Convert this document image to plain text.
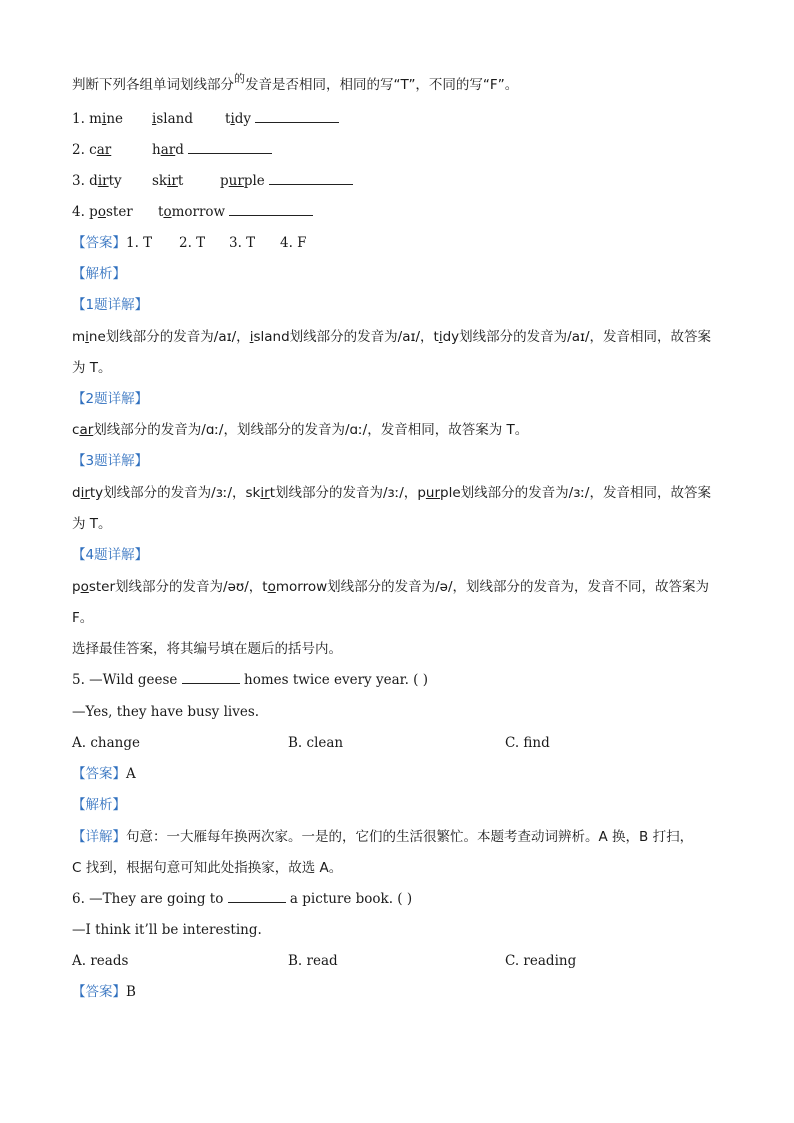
判断下列各组单词划线部分$^的$发音是否相同，相同的写“T”，不同的写“F”。
1. mine island tidy
2. car	hard
3. dirty skirt	purple
4. poster tomorrow
【答案】1. T 2. T 3. T 4. F
【解析】
【1题详解】
mine划线部分的发音为/aɪ/，island划线部分的发音为/aɪ/，tidy划线部分的发音为/aɪ/，发音相同，故答案
为 T。
【2题详解】
car划线部分的发音为/ɑː/，划线部分的发音为/ɑː/，发音相同，故答案为 T。
【3题详解】
dirty划线部分的发音为/ɜː/，skirt划线部分的发音为/ɜː/，purple划线部分的发音为/ɜː/，发音相同，故答案
为 T。
【4题详解】
poster划线部分的发音为/əʊ/，tomorrow划线部分的发音为/ə/，划线部分的发音为，发音不同，故答案为
F。
选择最佳答案，将其编号填在题后的括号内。
5. —Wild geese	homes twice every year. ( )
—Yes, they have busy lives.
A. change	B. clean	C. find
【答案】A
【解析】
【详解】句意：一大雁每年换两次家。一是的，它们的生活很繁忙。本题考查动词辨析。A 换，B 打扫，
C 找到，根据句意可知此处指换家，故选 A。
6. —They are going to	a picture book. ( )
—I think it’ll be interesting.
A. reads	B. read	C. reading
【答案】B
